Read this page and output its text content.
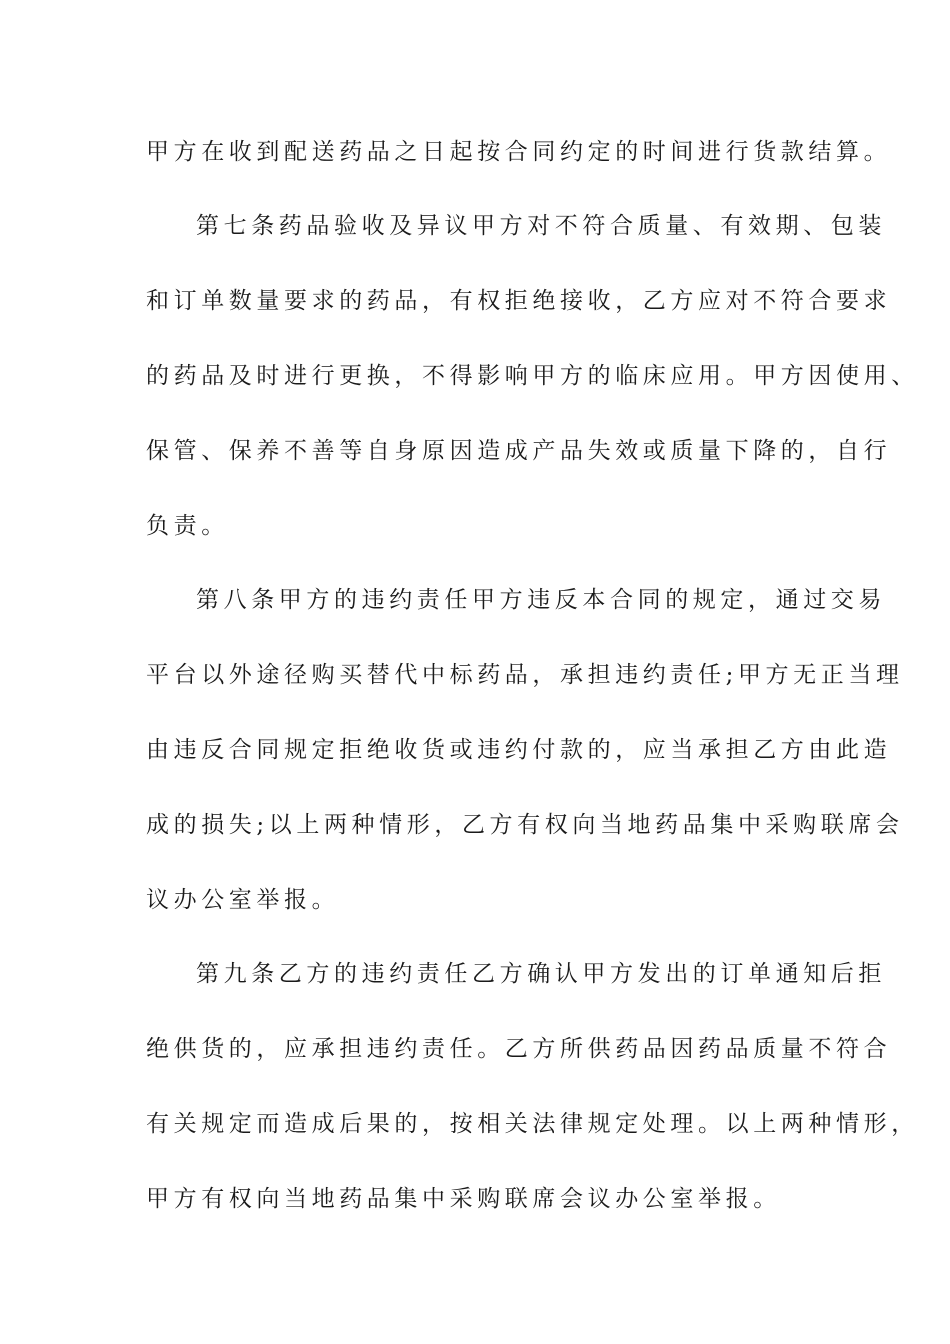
甲方在收到配送药品之日起按合同约定的时间进行货款结算。
第七条药品验收及异议甲方对不符合质量、有效期、包装
和订单数量要求的药品，有权拒绝接收，乙方应对不符合要求
的药品及时进行更换，不得影响甲方的临床应用。甲方因使用、
保管、保养不善等自身原因造成产品失效或质量下降的，自行
负责。
第八条甲方的违约责任甲方违反本合同的规定，通过交易
平台以外途径购买替代中标药品，承担违约责任;甲方无正当理
由违反合同规定拒绝收货或违约付款的，应当承担乙方由此造
成的损失;以上两种情形，乙方有权向当地药品集中采购联席会
议办公室举报。
第九条乙方的违约责任乙方确认甲方发出的订单通知后拒
绝供货的，应承担违约责任。乙方所供药品因药品质量不符合
有关规定而造成后果的，按相关法律规定处理。以上两种情形，
甲方有权向当地药品集中采购联席会议办公室举报。
